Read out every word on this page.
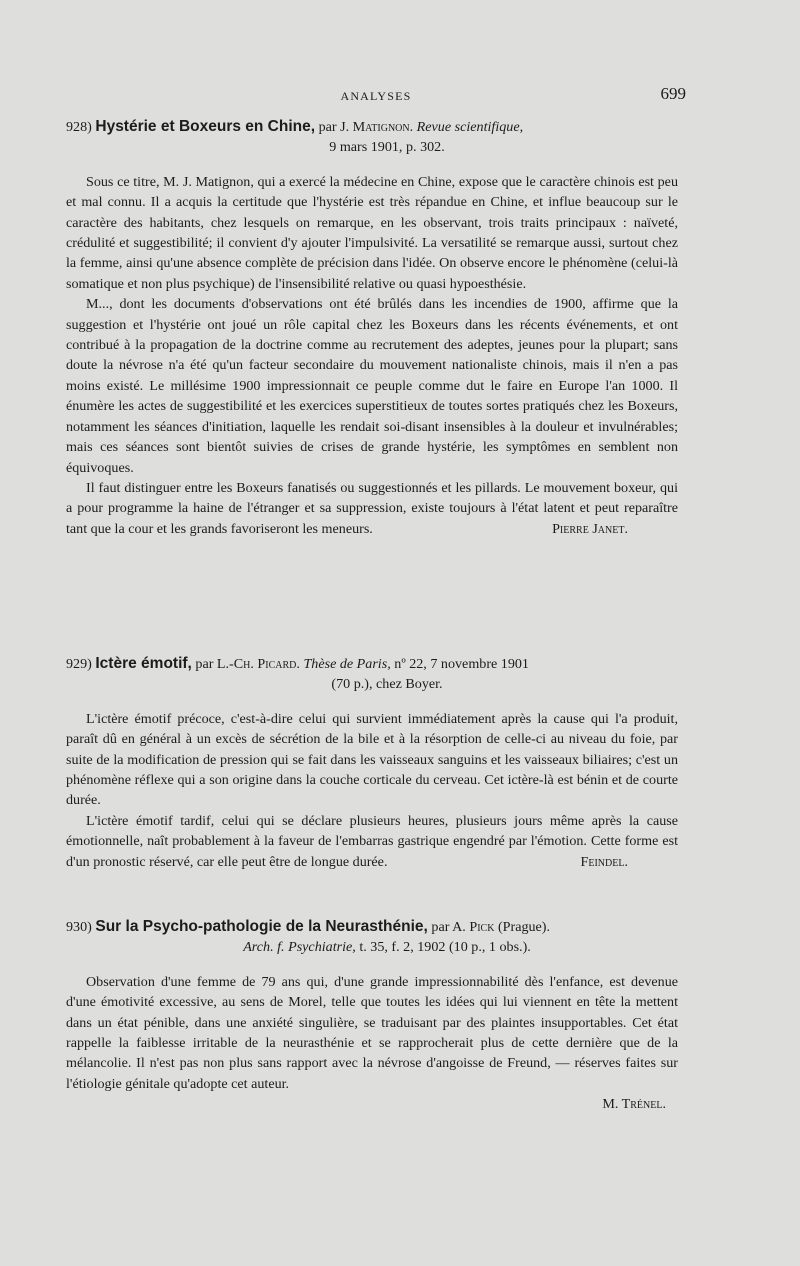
ANALYSES	699

928) Hystérie et Boxeurs en Chine, par J. Matignon. Revue scientifique,
9 mars 1901, p. 302.

Sous ce titre, M. J. Matignon, qui a exercé la médecine en Chine, expose que le caractère chinois est peu et mal connu. Il a acquis la certitude que l'hystérie est très répandue en Chine, et influe beaucoup sur le caractère des habitants, chez lesquels on remarque, en les observant, trois traits principaux : naïveté, crédulité et suggestibilité; il convient d'y ajouter l'impulsivité. La versatilité se remarque aussi, surtout chez la femme, ainsi qu'une absence complète de précision dans l'idée. On observe encore le phénomène (celui-là somatique et non plus psychique) de l'insensibilité relative ou quasi hypoesthésie.

M..., dont les documents d'observations ont été brûlés dans les incendies de 1900, affirme que la suggestion et l'hystérie ont joué un rôle capital chez les Boxeurs dans les récents événements, et ont contribué à la propagation de la doctrine comme au recrutement des adeptes, jeunes pour la plupart; sans doute la névrose n'a été qu'un facteur secondaire du mouvement nationaliste chinois, mais il n'en a pas moins existé. Le millésime 1900 impressionnait ce peuple comme dut le faire en Europe l'an 1000. Il énumère les actes de suggestibilité et les exercices superstitieux de toutes sortes pratiqués chez les Boxeurs, notamment les séances d'initiation, laquelle les rendait soi-disant insensibles à la douleur et invulnérables; mais ces séances sont bientôt suivies de crises de grande hystérie, les symptômes en semblent non équivoques.

Il faut distinguer entre les Boxeurs fanatisés ou suggestionnés et les pillards. Le mouvement boxeur, qui a pour programme la haine de l'étranger et sa suppression, existe toujours à l'état latent et peut reparaître tant que la cour et les grands favoriseront les meneurs.	Pierre Janet.

929) Ictère émotif, par L.-Ch. Picard. Thèse de Paris, nº 22, 7 novembre 1901
(70 p.), chez Boyer.

L'ictère émotif précoce, c'est-à-dire celui qui survient immédiatement après la cause qui l'a produit, paraît dû en général à un excès de sécrétion de la bile et à la résorption de celle-ci au niveau du foie, par suite de la modification de pression qui se fait dans les vaisseaux sanguins et les vaisseaux biliaires; c'est un phénomène réflexe qui a son origine dans la couche corticale du cerveau. Cet ictère-là est bénin et de courte durée.

L'ictère émotif tardif, celui qui se déclare plusieurs heures, plusieurs jours même après la cause émotionnelle, naît probablement à la faveur de l'embarras gastrique engendré par l'émotion. Cette forme est d'un pronostic réservé, car elle peut être de longue durée.	Feindel.

930) Sur la Psycho-pathologie de la Neurasthénie, par A. Pick (Prague).
Arch. f. Psychiatrie, t. 35, f. 2, 1902 (10 p., 1 obs.).

Observation d'une femme de 79 ans qui, d'une grande impressionnabilité dès l'enfance, est devenue d'une émotivité excessive, au sens de Morel, telle que toutes les idées qui lui viennent en tête la mettent dans un état pénible, dans une anxiété singulière, se traduisant par des plaintes insupportables. Cet état rappelle la faiblesse irritable de la neurasthénie et se rapprocherait plus de cette dernière que de la mélancolie. Il n'est pas non plus sans rapport avec la névrose d'angoisse de Freund, — réserves faites sur l'étiologie génitale qu'adopte cet auteur.

M. Trénel.
